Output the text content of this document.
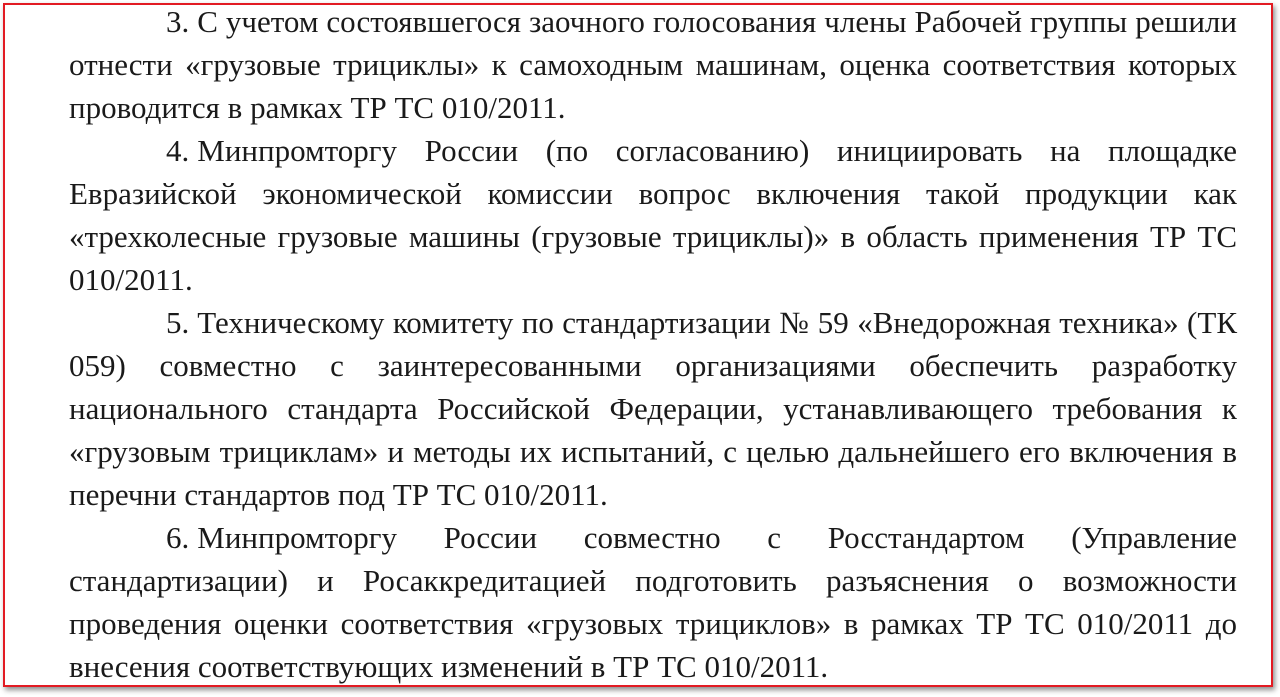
3. С учетом состоявшегося заочного голосования члены Рабочей группы решили отнести «грузовые трициклы» к самоходным машинам, оценка соответствия которых проводится в рамках ТР ТС 010/2011.

4. Минпромторгу России (по согласованию) инициировать на площадке Евразийской экономической комиссии вопрос включения такой продукции как «трехколесные грузовые машины (грузовые трициклы)» в область применения ТР ТС 010/2011.

5. Техническому комитету по стандартизации № 59 «Внедорожная техника» (ТК 059) совместно с заинтересованными организациями обеспечить разработку национального стандарта Российской Федерации, устанавливающего требования к «грузовым трициклам» и методы их испытаний, с целью дальнейшего его включения в перечни стандартов под ТР ТС 010/2011.

6. Минпромторгу России совместно с Росстандартом (Управление стандартизации) и Росаккредитацией подготовить разъяснения о возможности проведения оценки соответствия «грузовых трициклов» в рамках ТР ТС 010/2011 до внесения соответствующих изменений в ТР ТС 010/2011.
